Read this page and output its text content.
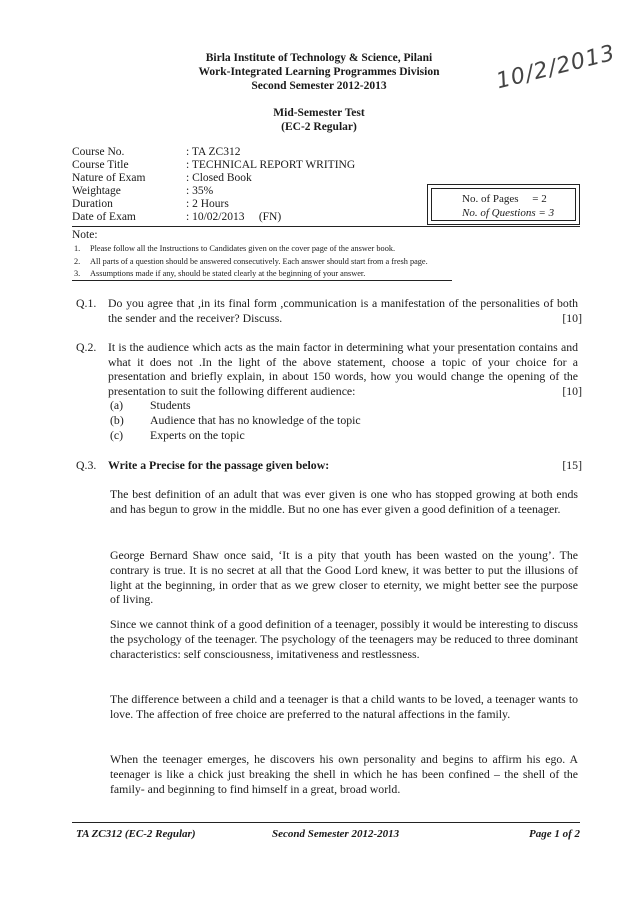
Birla Institute of Technology & Science, Pilani
Work-Integrated Learning Programmes Division
Second Semester 2012-2013
Mid-Semester Test
(EC-2 Regular)
10/2/2013
Course No.	: TA ZC312
Course Title	: TECHNICAL REPORT WRITING
Nature of Exam	: Closed Book
Weightage	: 35%
Duration	: 2 Hours
Date of Exam	: 10/02/2013     (FN)
No. of Pages     = 2
No. of Questions = 3
Note:
1. Please follow all the Instructions to Candidates given on the cover page of the answer book.
2. All parts of a question should be answered consecutively. Each answer should start from a fresh page.
3. Assumptions made if any, should be stated clearly at the beginning of your answer.
Q.1. Do you agree that ,in its final form ,communication is a manifestation of the personalities of both the sender and the receiver? Discuss.	[10]
Q.2. It is the audience which acts as the main factor in determining what your presentation contains and what it does not .In the light of the above statement, choose a topic of your choice for a presentation and briefly explain, in about 150 words, how you would change the opening of the presentation to suit the following different audience:	[10]
(a) Students
(b) Audience that has no knowledge of the topic
(c) Experts on the topic
Q.3. Write a Precise for the passage given below:	[15]
The best definition of an adult that was ever given is one who has stopped growing at both ends and has begun to grow in the middle. But no one has ever given a good definition of a teenager.
George Bernard Shaw once said, ‘It is a pity that youth has been wasted on the young’. The contrary is true. It is no secret at all that the Good Lord knew, it was better to put the illusions of light at the beginning, in order that as we grew closer to eternity, we might better see the purpose of living.
Since we cannot think of a good definition of a teenager, possibly it would be interesting to discuss the psychology of the teenager. The psychology of the teenagers may be reduced to three dominant characteristics: self consciousness, imitativeness and restlessness.
The difference between a child and a teenager is that a child wants to be loved, a teenager wants to love. The affection of free choice are preferred to the natural affections in the family.
When the teenager emerges, he discovers his own personality and begins to affirm his ego. A teenager is like a chick just breaking the shell in which he has been confined – the shell of the family- and beginning to find himself in a great, broad world.
TA ZC312 (EC-2 Regular)	Second Semester 2012-2013	Page 1 of 2
